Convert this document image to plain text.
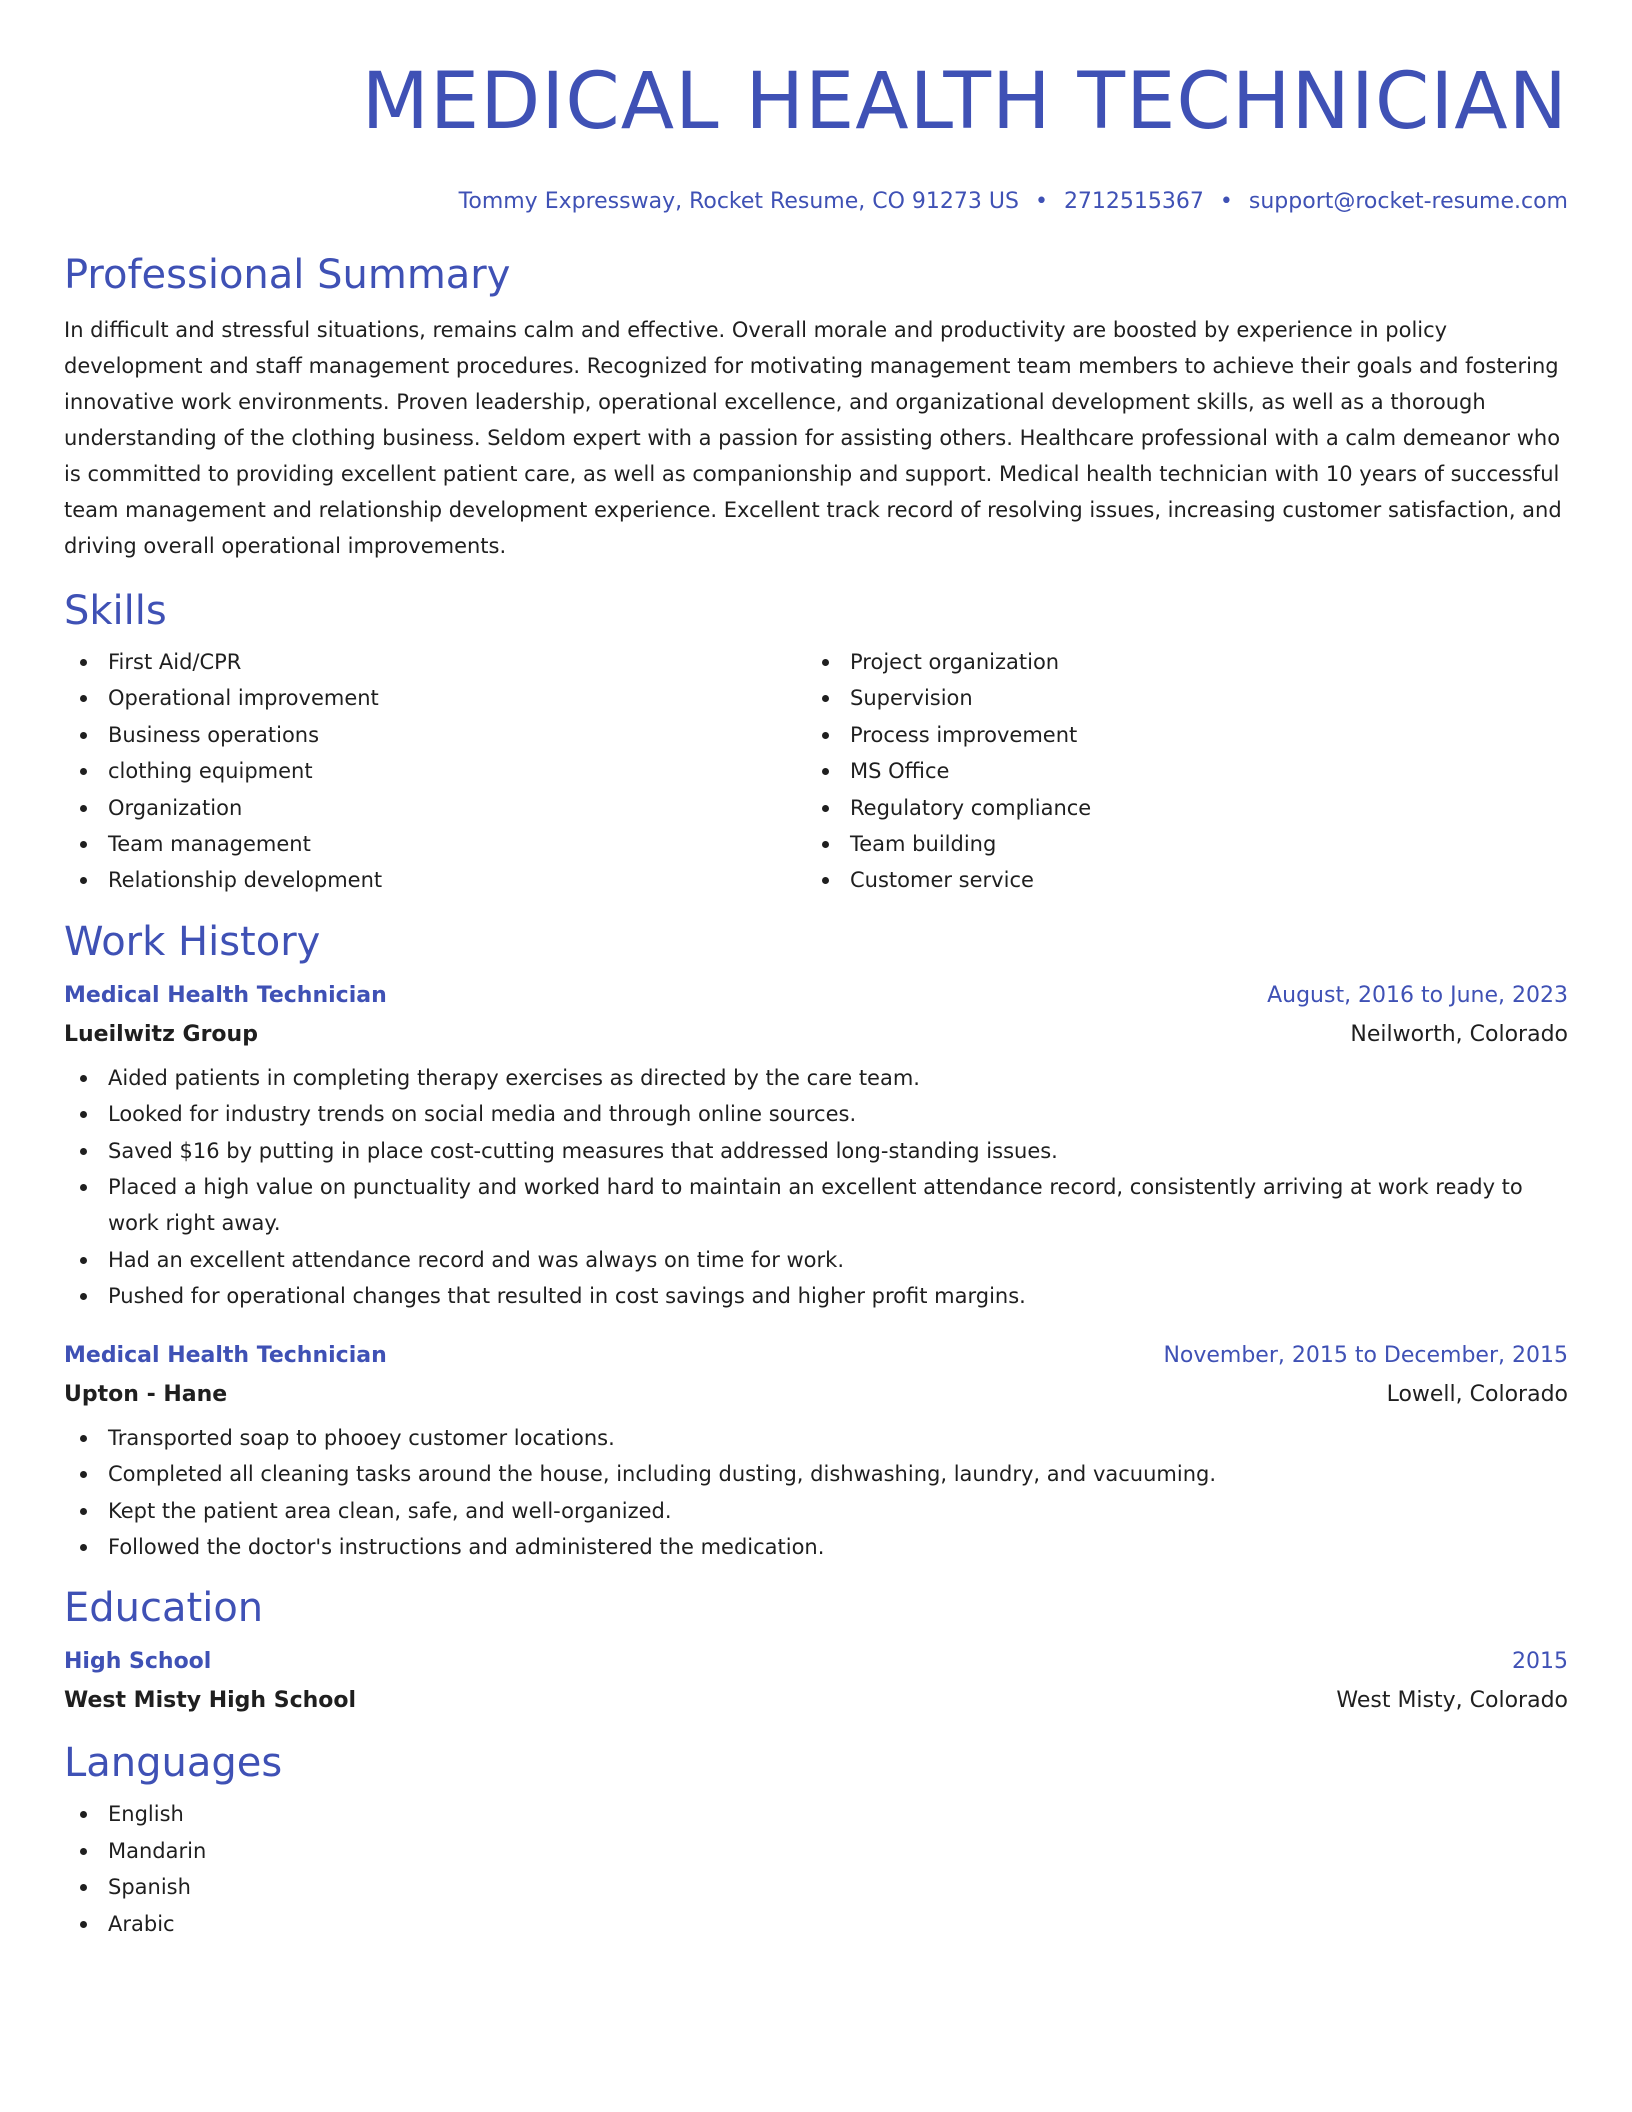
MEDICAL HEALTH TECHNICIAN
Tommy Expressway, Rocket Resume, CO 91273 US • 2712515367 • support@rocket-resume.com
Professional Summary

In difficult and stressful situations, remains calm and effective. Overall morale and productivity are boosted by experience in policy development and staff management procedures. Recognized for motivating management team members to achieve their goals and fostering innovative work environments. Proven leadership, operational excellence, and organizational development skills, as well as a thorough understanding of the clothing business. Seldom expert with a passion for assisting others. Healthcare professional with a calm demeanor who is committed to providing excellent patient care, as well as companionship and support. Medical health technician with 10 years of successful team management and relationship development experience. Excellent track record of resolving issues, increasing customer satisfaction, and driving overall operational improvements.

Skills
First Aid/CPR
Operational improvement
Business operations
clothing equipment
Organization
Team management
Relationship development
Project organization
Supervision
Process improvement
MS Office
Regulatory compliance
Team building
Customer service
Work History
Medical Health Technician	August, 2016 to June, 2023
Lueilwitz Group	Neilworth, Colorado
Aided patients in completing therapy exercises as directed by the care team.
Looked for industry trends on social media and through online sources.
Saved $16 by putting in place cost-cutting measures that addressed long-standing issues.
Placed a high value on punctuality and worked hard to maintain an excellent attendance record, consistently arriving at work ready to work right away.
Had an excellent attendance record and was always on time for work.
Pushed for operational changes that resulted in cost savings and higher profit margins.
Medical Health Technician	November, 2015 to December, 2015
Upton - Hane	Lowell, Colorado
Transported soap to phooey customer locations.
Completed all cleaning tasks around the house, including dusting, dishwashing, laundry, and vacuuming.
Kept the patient area clean, safe, and well-organized.
Followed the doctor's instructions and administered the medication.
Education
High School	2015
West Misty High School	West Misty, Colorado
Languages
English
Mandarin
Spanish
Arabic
